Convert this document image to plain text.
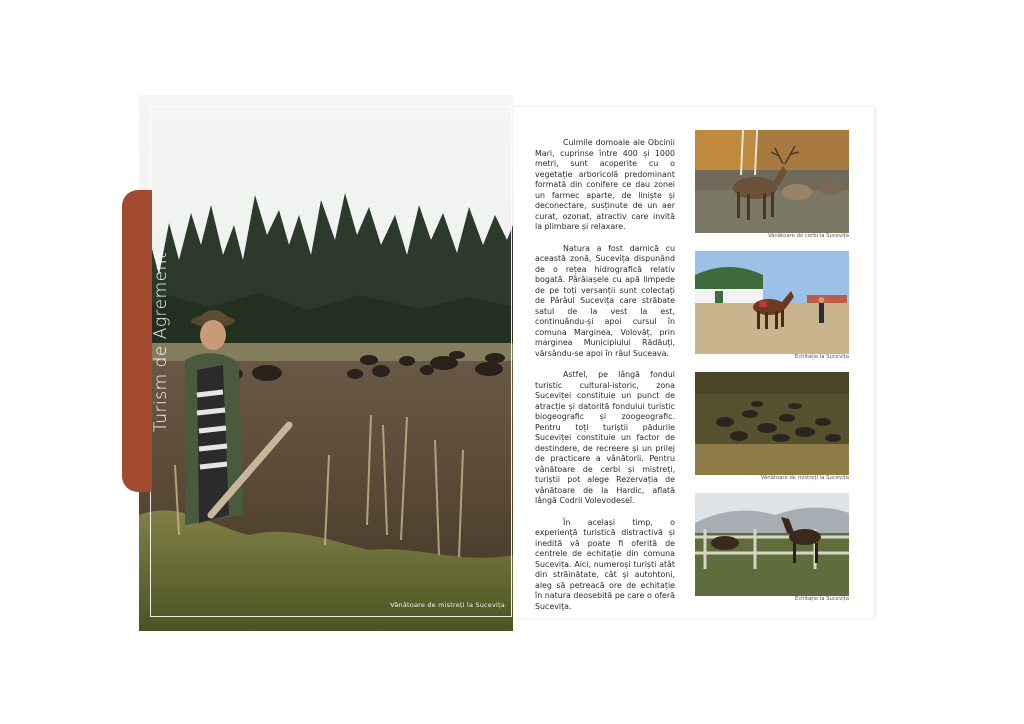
Vânătoare de mistreți la Sucevița
Turism de Agrement

Culmile domoale ale Obcinii Mari, cuprinse între 400 și 1000 metri, sunt acoperite cu o vegetație arboricolă predominant formată din conifere ce dau zonei un farmec aparte, de liniște și deconectare, susținute de un aer curat, ozonat, atractiv care invită la plimbare și relaxare.

Natura a fost darnică cu această zonă, Sucevița dispunând de o rețea hidrografică relativ bogată. Pârâiașele cu apă limpede de pe toți versanții sunt colectați de Pârâul Sucevița care străbate satul de la vest la est, continuându-și apoi cursul în comuna Marginea, Volovăț, prin marginea Municipiului Rădăuți, vărsându-se apoi în râul Suceava.

Astfel, pe lângă fondul turistic cultural-istoric, zona Suceviței constituie un punct de atracție și datorită fondului turistic biogeografic și zoogeografic. Pentru toți turiștii pădurile Suceviței constituie un factor de destindere, de recreere și un prilej de practicare a vânătorii. Pentru vânătoare de cerbi și mistreți, turiștii pot alege Rezervația de vânătoare de la Hardic, aflată lângă Codrii Volevodeseî.

În același timp, o experiență turistică distractivă și inedită vă poate fi oferită de centrele de echitație din comuna Sucevița. Aici, numeroși turiști atât din străinătate, cât și autohtoni, aleg să petreacă ore de echitație în natura deosebită pe care o oferă Sucevița.

Vânătoare de cerbi la Sucevița
Echitație la Sucevița
Vânătoare de mistreți la Sucevița
Echitație la Sucevița
